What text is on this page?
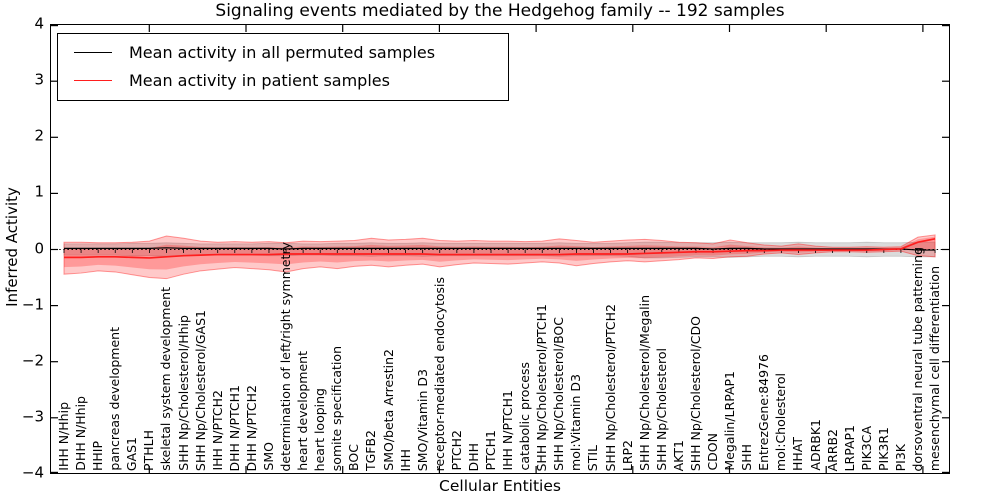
Signaling events mediated by the Hedgehog family -- 192 samples
Inferred Activity
4
3
2
1
0
−1
−2
−3
−4
IHH N/Hhip DHH N/Hhip HHIP pancreas development GAS1 PTHLH skeletal system development SHH Np/Cholesterol/Hhip SHH Np/Cholesterol/GAS1 IHH N/PTCH2 DHH N/PTCH1 DHH N/PTCH2 SMO determination of left/right symmetry heart development heart looping somite specification BOC TGFB2 SMO/beta Arrestin2 IHH SMO/Vitamin D3 receptor-mediated endocytosis PTCH2 DHH PTCH1 IHH N/PTCH1 catabolic process SHH Np/Cholesterol/PTCH1 SHH Np/Cholesterol/BOC mol:Vitamin D3 STIL SHH Np/Cholesterol/PTCH2 LRP2 SHH Np/Cholesterol/Megalin SHH Np/Cholesterol AKT1 SHH Np/Cholesterol/CDO CDON Megalin/LRPAP1 SHH EntrezGene:84976 mol:Cholesterol HHAT ADRBK1 ARRB2 LRPAP1 PIK3CA PIK3R1 PI3K dorsoventral neural tube patterning mesenchymal cell differentiation
Mean activity in all permuted samples
Mean activity in patient samples
Cellular Entities
